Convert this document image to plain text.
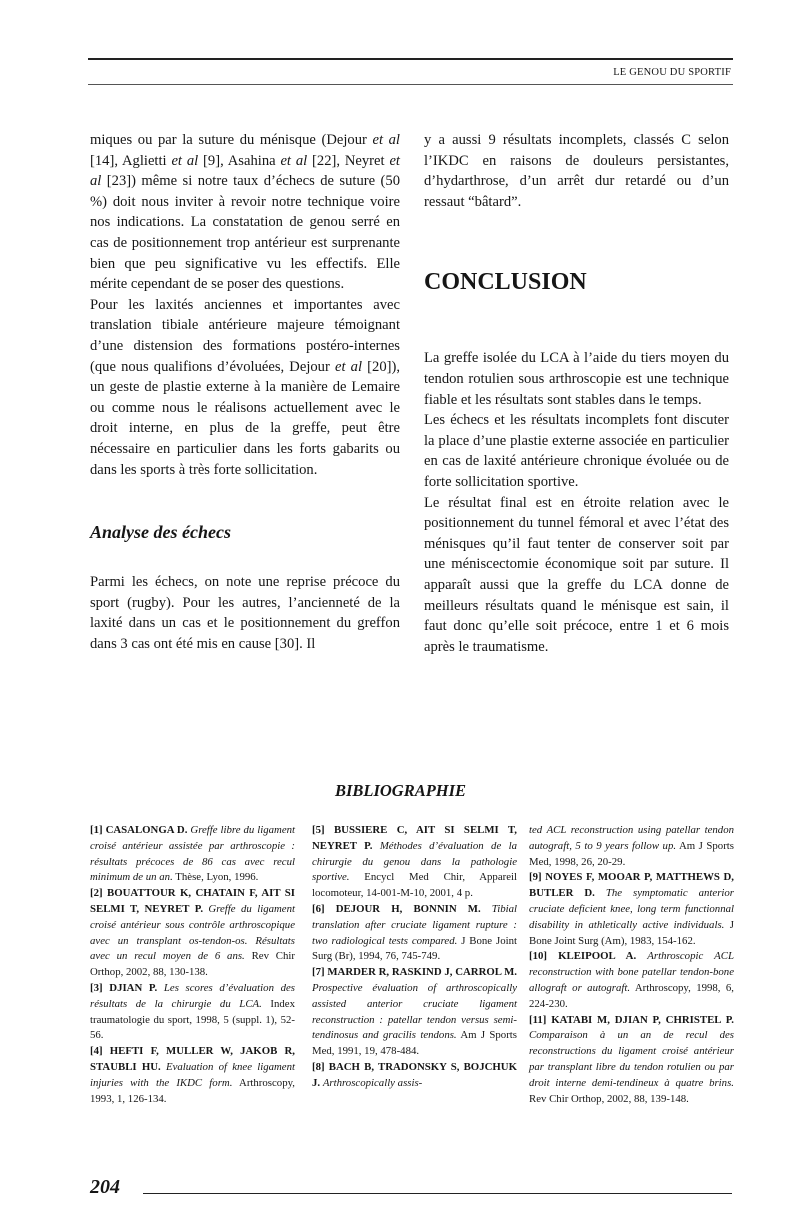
LE GENOU DU SPORTIF

miques ou par la suture du ménisque (Dejour et al [14], Aglietti et al [9], Asahina et al [22], Neyret et al [23]) même si notre taux d’échecs de suture (50 %) doit nous inviter à revoir notre technique voire nos indications. La constatation de genou serré en cas de positionnement trop antérieur est surprenante bien que peu significative vu les effectifs. Elle mérite cependant de se poser des questions.

Pour les laxités anciennes et importantes avec translation tibiale antérieure majeure témoignant d’une distension des formations postéro-internes (que nous qualifions d’évoluées, Dejour et al [20]), un geste de plastie externe à la manière de Lemaire ou comme nous le réalisons actuellement avec le droit interne, en plus de la greffe, peut être nécessaire en particulier dans les forts gabarits ou dans les sports à très forte sollicitation.

Analyse des échecs

Parmi les échecs, on note une reprise précoce du sport (rugby). Pour les autres, l’ancienneté de la laxité dans un cas et le positionnement du greffon dans 3 cas ont été mis en cause [30]. Il

y a aussi 9 résultats incomplets, classés C selon l’IKDC en raisons de douleurs persistantes, d’hydarthrose, d’un arrêt dur retardé ou d’un ressaut “bâtard”.

CONCLUSION

La greffe isolée du LCA à l’aide du tiers moyen du tendon rotulien sous arthroscopie est une technique fiable et les résultats sont stables dans le temps.

Les échecs et les résultats incomplets font discuter la place d’une plastie externe associée en particulier en cas de laxité antérieure chronique évoluée ou de forte sollicitation sportive.

Le résultat final est en étroite relation avec le positionnement du tunnel fémoral et avec l’état des ménisques qu’il faut tenter de conserver soit par une méniscectomie économique soit par suture. Il apparaît aussi que la greffe du LCA donne de meilleurs résultats quand le ménisque est sain, il faut donc qu’elle soit précoce, entre 1 et 6 mois après le traumatisme.

BIBLIOGRAPHIE

[1] CASALONGA D. Greffe libre du ligament croisé antérieur assistée par arthroscopie : résultats précoces de 86 cas avec recul minimum de un an. Thèse, Lyon, 1996.

[2] BOUATTOUR K, CHATAIN F, AIT SI SELMI T, NEYRET P. Greffe du ligament croisé antérieur sous contrôle arthroscopique avec un transplant os-tendon-os. Résultats avec un recul moyen de 6 ans. Rev Chir Orthop, 2002, 88, 130-138.

[3] DJIAN P. Les scores d’évaluation des résultats de la chirurgie du LCA. Index traumatologie du sport, 1998, 5 (suppl. 1), 52-56.

[4] HEFTI F, MULLER W, JAKOB R, STAUBLI HU. Evaluation of knee ligament injuries with the IKDC form. Arthroscopy, 1993, 1, 126-134.

[5] BUSSIERE C, AIT SI SELMI T, NEYRET P. Méthodes d’évaluation de la chirurgie du genou dans la pathologie sportive. Encycl Med Chir, Appareil locomoteur, 14-001-M-10, 2001, 4 p.

[6] DEJOUR H, BONNIN M. Tibial translation after cruciate ligament rupture : two radiological tests compared. J Bone Joint Surg (Br), 1994, 76, 745-749.

[7] MARDER R, RASKIND J, CARROL M. Prospective évaluation of arthroscopically assisted anterior cruciate ligament reconstruction : patellar tendon versus semi-tendinosus and gracilis tendons. Am J Sports Med, 1991, 19, 478-484.

[8] BACH B, TRADONSKY S, BOJCHUK J. Arthroscopically assis-

ted ACL reconstruction using patellar tendon autograft, 5 to 9 years follow up. Am J Sports Med, 1998, 26, 20-29.

[9] NOYES F, MOOAR P, MATTHEWS D, BUTLER D. The symptomatic anterior cruciate deficient knee, long term functionnal disability in athletically active individuals. J Bone Joint Surg (Am), 1983, 154-162.

[10] KLEIPOOL A. Arthroscopic ACL reconstruction with bone patellar tendon-bone allograft or autograft. Arthroscopy, 1998, 6, 224-230.

[11] KATABI M, DJIAN P, CHRISTEL P. Comparaison à un an de recul des reconstructions du ligament croisé antérieur par transplant libre du tendon rotulien ou par droit interne demi-tendineux à quatre brins. Rev Chir Orthop, 2002, 88, 139-148.

204
